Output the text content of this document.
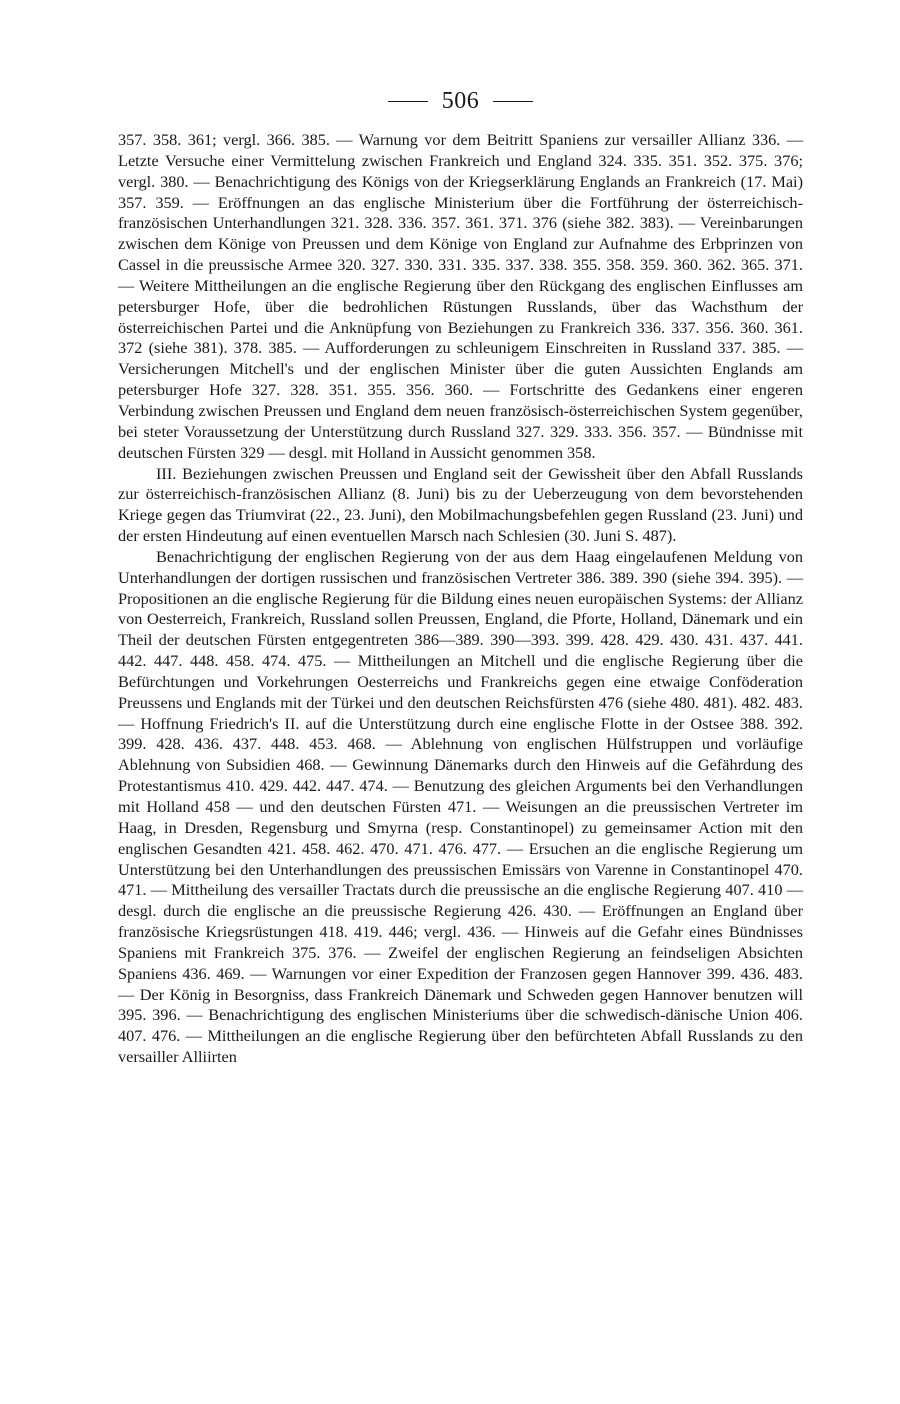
506

357. 358. 361; vergl. 366. 385. — Warnung vor dem Beitritt Spaniens zur versailler Allianz 336. — Letzte Versuche einer Vermittelung zwischen Frankreich und England 324. 335. 351. 352. 375. 376; vergl. 380. — Benachrichtigung des Königs von der Kriegserklärung Englands an Frankreich (17. Mai) 357. 359. — Eröffnungen an das englische Ministerium über die Fortführung der österreichisch-französischen Unterhandlungen 321. 328. 336. 357. 361. 371. 376 (siehe 382. 383). — Vereinbarungen zwischen dem Könige von Preussen und dem Könige von England zur Aufnahme des Erbprinzen von Cassel in die preussische Armee 320. 327. 330. 331. 335. 337. 338. 355. 358. 359. 360. 362. 365. 371. — Weitere Mittheilungen an die englische Regierung über den Rückgang des englischen Einflusses am petersburger Hofe, über die bedrohlichen Rüstungen Russlands, über das Wachsthum der österreichischen Partei und die Anknüpfung von Beziehungen zu Frankreich 336. 337. 356. 360. 361. 372 (siehe 381). 378. 385. — Aufforderungen zu schleunigem Einschreiten in Russland 337. 385. — Versicherungen Mitchell's und der englischen Minister über die guten Aussichten Englands am petersburger Hofe 327. 328. 351. 355. 356. 360. — Fortschritte des Gedankens einer engeren Verbindung zwischen Preussen und England dem neuen französisch-österreichischen System gegenüber, bei steter Voraussetzung der Unterstützung durch Russland 327. 329. 333. 356. 357. — Bündnisse mit deutschen Fürsten 329 — desgl. mit Holland in Aussicht genommen 358.

III. Beziehungen zwischen Preussen und England seit der Gewissheit über den Abfall Russlands zur österreichisch-französischen Allianz (8. Juni) bis zu der Ueberzeugung von dem bevorstehenden Kriege gegen das Triumvirat (22., 23. Juni), den Mobilmachungsbefehlen gegen Russland (23. Juni) und der ersten Hindeutung auf einen eventuellen Marsch nach Schlesien (30. Juni S. 487).

Benachrichtigung der englischen Regierung von der aus dem Haag eingelaufenen Meldung von Unterhandlungen der dortigen russischen und französischen Vertreter 386. 389. 390 (siehe 394. 395). — Propositionen an die englische Regierung für die Bildung eines neuen europäischen Systems: der Allianz von Oesterreich, Frankreich, Russland sollen Preussen, England, die Pforte, Holland, Dänemark und ein Theil der deutschen Fürsten entgegentreten 386—389. 390—393. 399. 428. 429. 430. 431. 437. 441. 442. 447. 448. 458. 474. 475. — Mittheilungen an Mitchell und die englische Regierung über die Befürchtungen und Vorkehrungen Oesterreichs und Frankreichs gegen eine etwaige Conföderation Preussens und Englands mit der Türkei und den deutschen Reichsfürsten 476 (siehe 480. 481). 482. 483. — Hoffnung Friedrich's II. auf die Unterstützung durch eine englische Flotte in der Ostsee 388. 392. 399. 428. 436. 437. 448. 453. 468. — Ablehnung von englischen Hülfstruppen und vorläufige Ablehnung von Subsidien 468. — Gewinnung Dänemarks durch den Hinweis auf die Gefährdung des Protestantismus 410. 429. 442. 447. 474. — Benutzung des gleichen Arguments bei den Verhandlungen mit Holland 458 — und den deutschen Fürsten 471. — Weisungen an die preussischen Vertreter im Haag, in Dresden, Regensburg und Smyrna (resp. Constantinopel) zu gemeinsamer Action mit den englischen Gesandten 421. 458. 462. 470. 471. 476. 477. — Ersuchen an die englische Regierung um Unterstützung bei den Unterhandlungen des preussischen Emissärs von Varenne in Constantinopel 470. 471. — Mittheilung des versailler Tractats durch die preussische an die englische Regierung 407. 410 — desgl. durch die englische an die preussische Regierung 426. 430. — Eröffnungen an England über französische Kriegsrüstungen 418. 419. 446; vergl. 436. — Hinweis auf die Gefahr eines Bündnisses Spaniens mit Frankreich 375. 376. — Zweifel der englischen Regierung an feindseligen Absichten Spaniens 436. 469. — Warnungen vor einer Expedition der Franzosen gegen Hannover 399. 436. 483. — Der König in Besorgniss, dass Frankreich Dänemark und Schweden gegen Hannover benutzen will 395. 396. — Benachrichtigung des englischen Ministeriums über die schwedisch-dänische Union 406. 407. 476. — Mittheilungen an die englische Regierung über den befürchteten Abfall Russlands zu den versailler Alliirten
